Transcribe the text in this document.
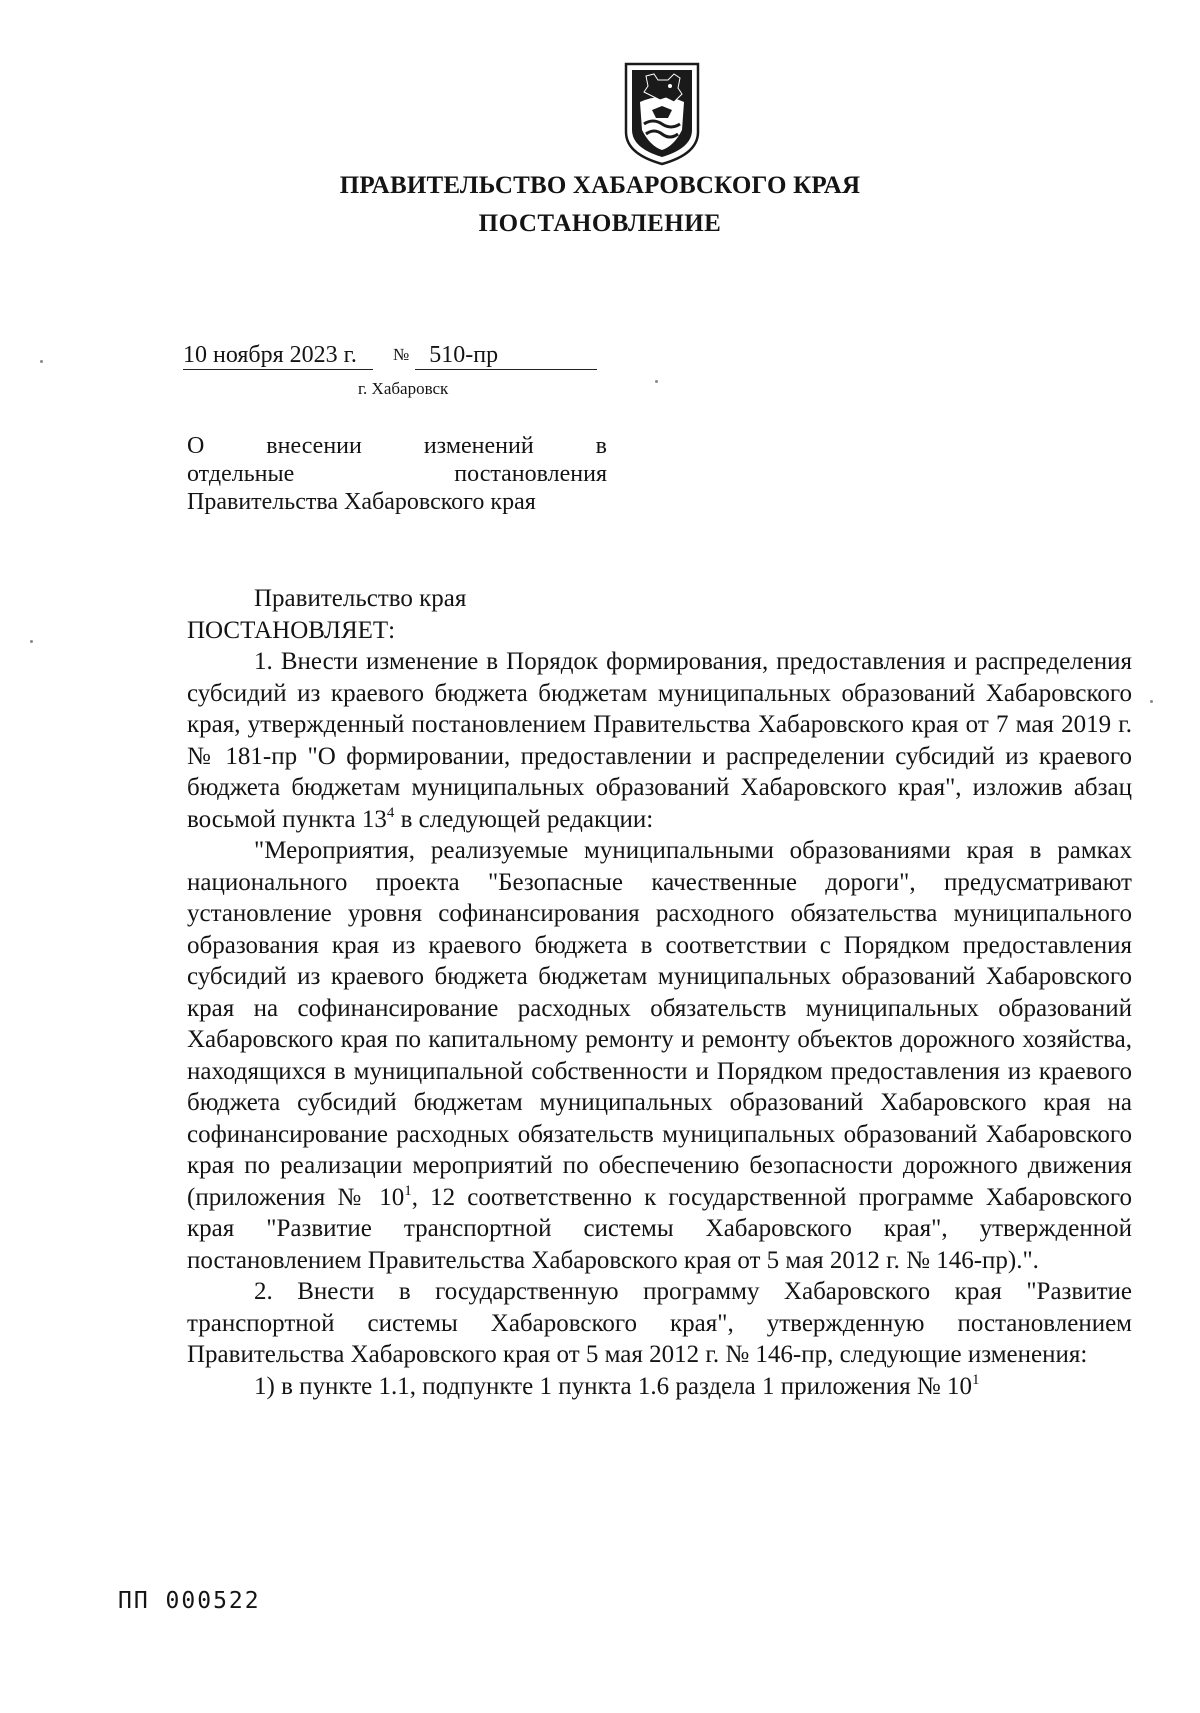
ПРАВИТЕЛЬСТВО ХАБАРОВСКОГО КРАЯ
ПОСТАНОВЛЕНИЕ
10 ноября 2023 г. № 510-пр
г. Хабаровск
О внесении изменений в
отдельные постановления
Правительства Хабаровского края

Правительство края

ПОСТАНОВЛЯЕТ:

1. Внести изменение в Порядок формирования, предоставления и распределения субсидий из краевого бюджета бюджетам муниципальных образований Хабаровского края, утвержденный постановлением Правительства Хабаровского края от 7 мая 2019 г. № 181-пр "О формировании, предоставлении и распределении субсидий из краевого бюджета бюджетам муниципальных образований Хабаровского края", изложив абзац восьмой пункта $13^4$ в следующей редакции:

"Мероприятия, реализуемые муниципальными образованиями края в рамках национального проекта "Безопасные качественные дороги", предусматривают установление уровня софинансирования расходного обязательства муниципального образования края из краевого бюджета в соответствии с Порядком предоставления субсидий из краевого бюджета бюджетам муниципальных образований Хабаровского края на софинансирование расходных обязательств муниципальных образований Хабаровского края по капитальному ремонту и ремонту объектов дорожного хозяйства, находящихся в муниципальной собственности и Порядком предоставления из краевого бюджета субсидий бюджетам муниципальных образований Хабаровского края на софинансирование расходных обязательств муниципальных образований Хабаровского края по реализации мероприятий по обеспечению безопасности дорожного движения (приложения № $10^1$, 12 соответственно к государственной программе Хабаровского края "Развитие транспортной системы Хабаровского края", утвержденной постановлением Правительства Хабаровского края от 5 мая 2012 г. № 146-пр).".

2. Внести в государственную программу Хабаровского края "Развитие транспортной системы Хабаровского края", утвержденную постановлением Правительства Хабаровского края от 5 мая 2012 г. № 146-пр, следующие изменения:

1) в пункте 1.1, подпункте 1 пункта 1.6 раздела 1 приложения № $10^1$

ПП 000522
